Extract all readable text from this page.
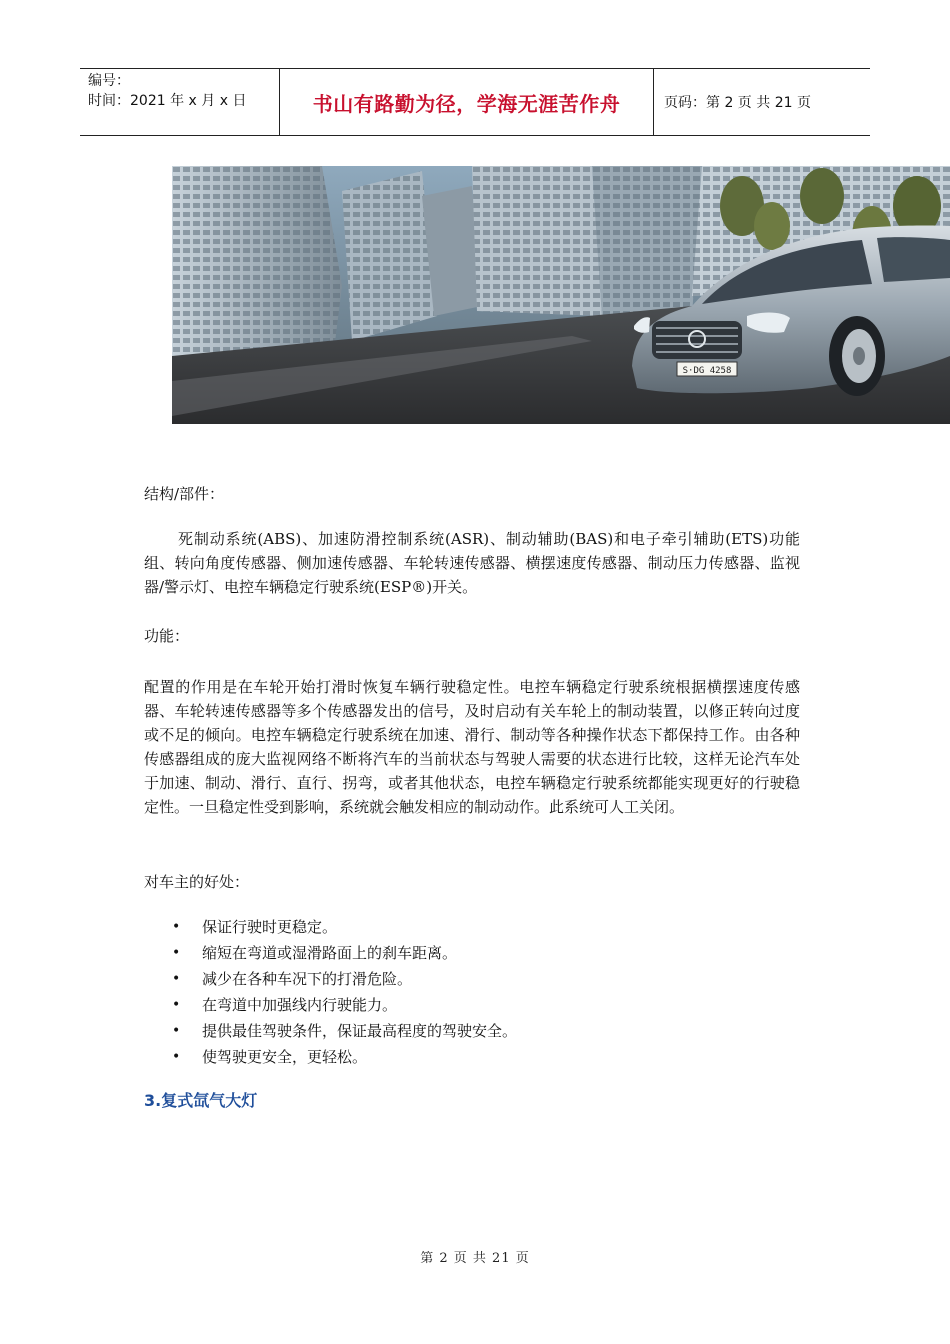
编号：
时间：2021 年 x 月 x 日	书山有路勤为径，学海无涯苦作舟	页码：第 2 页 共 21 页
S·DG 4258
结构/部件：
死制动系统(ABS)、加速防滑控制系统(ASR)、制动辅助(BAS)和电子牵引辅助(ETS)功能组、转向角度传感器、侧加速传感器、车轮转速传感器、横摆速度传感器、制动压力传感器、监视器/警示灯、电控车辆稳定行驶系统(ESP®)开关。
功能：
配置的作用是在车轮开始打滑时恢复车辆行驶稳定性。电控车辆稳定行驶系统根据横摆速度传感器、车轮转速传感器等多个传感器发出的信号，及时启动有关车轮上的制动装置，以修正转向过度或不足的倾向。电控车辆稳定行驶系统在加速、滑行、制动等各种操作状态下都保持工作。由各种传感器组成的庞大监视网络不断将汽车的当前状态与驾驶人需要的状态进行比较，这样无论汽车处于加速、制动、滑行、直行、拐弯，或者其他状态，电控车辆稳定行驶系统都能实现更好的行驶稳定性。一旦稳定性受到影响，系统就会触发相应的制动动作。此系统可人工关闭。
对车主的好处：
• 保证行驶时更稳定。
• 缩短在弯道或湿滑路面上的刹车距离。
• 减少在各种车况下的打滑危险。
• 在弯道中加强线内行驶能力。
• 提供最佳驾驶条件，保证最高程度的驾驶安全。
• 使驾驶更安全，更轻松。
3.复式氙气大灯
第 2 页 共 21 页
